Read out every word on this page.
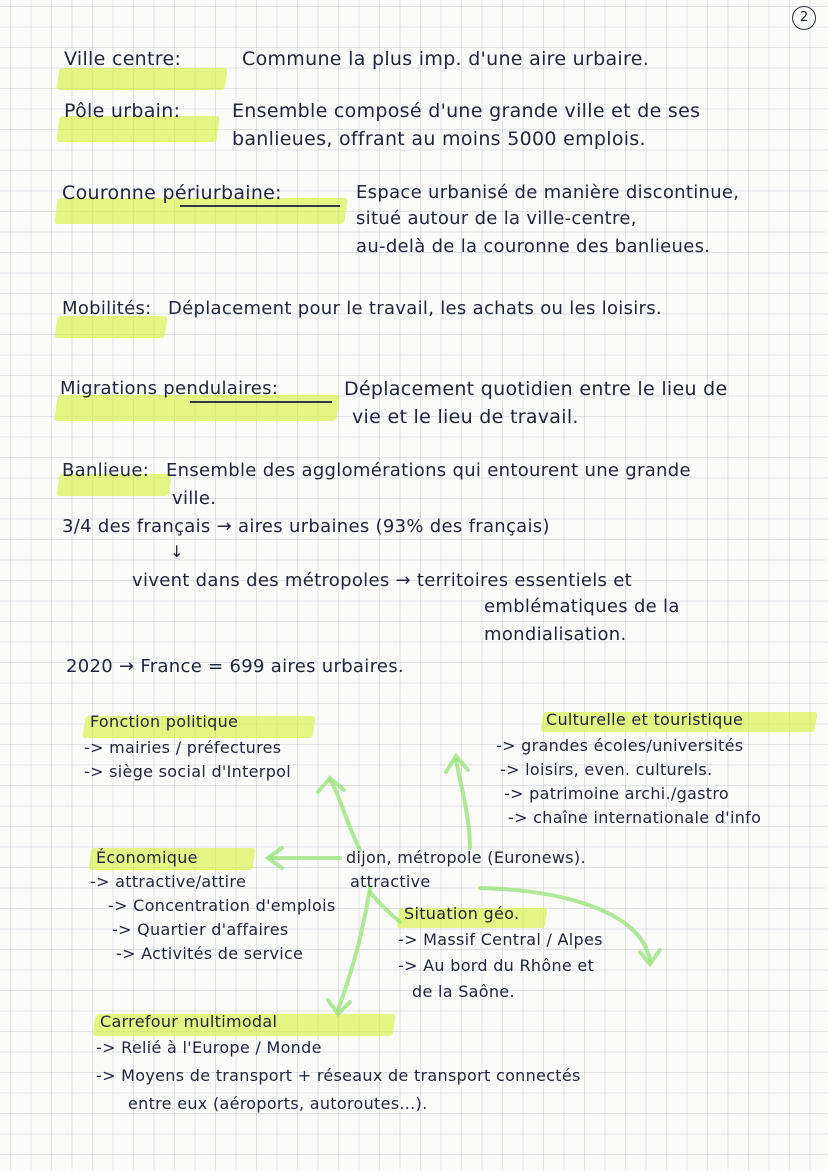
2
Ville centre:	Commune la plus imp. d'une aire urbaire.
Pôle urbain:	Ensemble composé d'une grande ville et de ses
banlieues, offrant au moins 5000 emplois.
Couronne périurbaine:	Espace urbanisé de manière discontinue,
situé autour de la ville-centre,
au-delà de la couronne des banlieues.
Mobilités: Déplacement pour le travail, les achats ou les loisirs.
Migrations pendulaires:	Déplacement quotidien entre le lieu de
vie et le lieu de travail.
Banlieue: Ensemble des agglomérations qui entourent une grande
ville.
3/4 des français → aires urbaines (93% des français)
↓
vivent dans des métropoles → territoires essentiels et
emblématiques de la
mondialisation.
2020 → France = 699 aires urbaires.
Fonction politique
-> mairies / préfectures
-> siège social d'Interpol
Culturelle et touristique
-> grandes écoles/universités
-> loisirs, even. culturels.
-> patrimoine archi./gastro
-> chaîne internationale d'info
dijon, métropole (Euronews).
attractive
Économique
-> attractive/attire
-> Concentration d'emplois
-> Quartier d'affaires
-> Activités de service
Situation géo.
-> Massif Central / Alpes
-> Au bord du Rhône et
de la Saône.
Carrefour multimodal
-> Relié à l'Europe / Monde
-> Moyens de transport + réseaux de transport connectés
entre eux (aéroports, autoroutes...).
